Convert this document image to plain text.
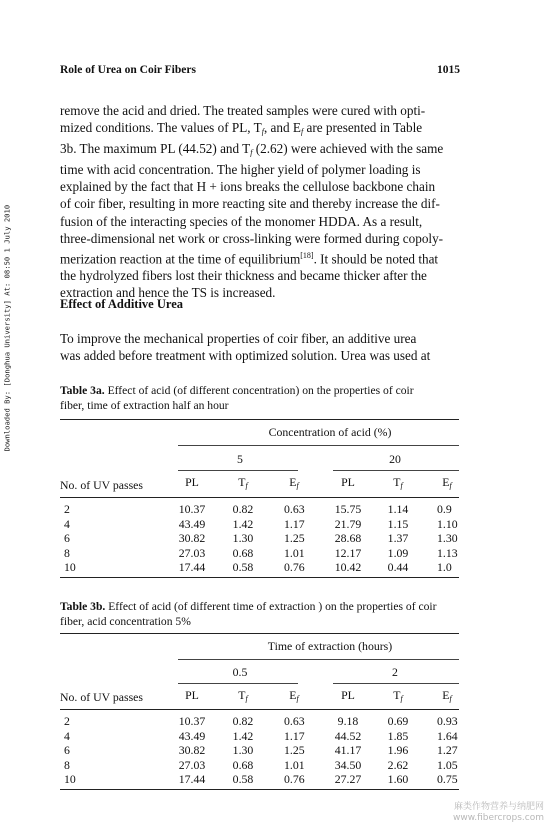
Role of Urea on Coir Fibers	1015
Downloaded By: [Donghua University] At: 08:50 1 July 2010
remove the acid and dried. The treated samples were cured with opti-
mized conditions. The values of PL, $T_f$, and $E_f$ are presented in Table
3b. The maximum PL (44.52) and $T_f$ (2.62) were achieved with the same
time with acid concentration. The higher yield of polymer loading is
explained by the fact that H + ions breaks the cellulose backbone chain
of coir fiber, resulting in more reacting site and thereby increase the dif-
fusion of the interacting species of the monomer HDDA. As a result,
three-dimensional net work or cross-linking were formed during copoly-
merization reaction at the time of equilibrium[18]. It should be noted that
the hydrolyzed fibers lost their thickness and became thicker after the
extraction and hence the TS is increased.
Effect of Additive Urea
To improve the mechanical properties of coir fiber, an additive urea
was added before treatment with optimized solution. Urea was used at
Table 3a. Effect of acid (of different concentration) on the properties of coir
fiber, time of extraction half an hour
Concentration of acid (%)
5	20
No. of UV passes	PL	$T_f$	$E_f$	PL	$T_f$	$E_f$
2	10.37	0.82	0.63	15.75	1.14	0.9
4	43.49	1.42	1.17	21.79	1.15	1.10
6	30.82	1.30	1.25	28.68	1.37	1.30
8	27.03	0.68	1.01	12.17	1.09	1.13
10	17.44	0.58	0.76	10.42	0.44	1.0
Table 3b. Effect of acid (of different time of extraction ) on the properties of coir
fiber, acid concentration 5%
Time of extraction (hours)
0.5	2
No. of UV passes	PL	$T_f$	$E_f$	PL	$T_f$	$E_f$
2	10.37	0.82	0.63	9.18	0.69	0.93
4	43.49	1.42	1.17	44.52	1.85	1.64
6	30.82	1.30	1.25	41.17	1.96	1.27
8	27.03	0.68	1.01	34.50	2.62	1.05
10	17.44	0.58	0.76	27.27	1.60	0.75
麻类作物营养与纳肥网
www.fibercrops.com
